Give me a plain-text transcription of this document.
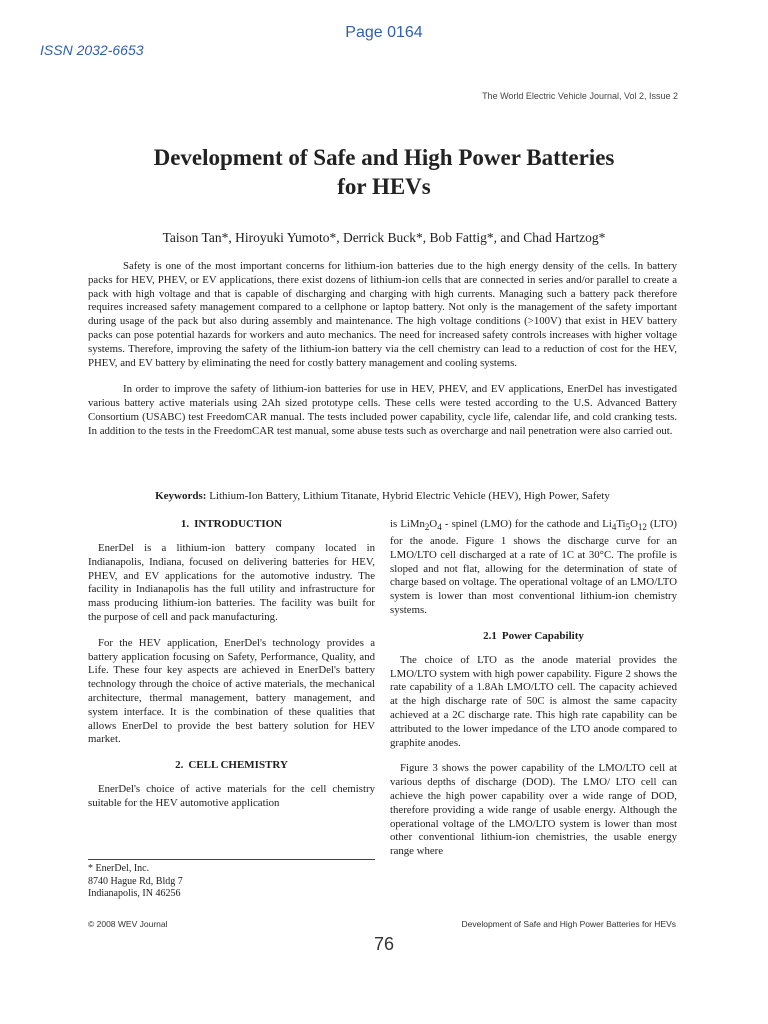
Page 0164
ISSN 2032-6653
The World Electric Vehicle Journal, Vol 2, Issue 2
Development of Safe and High Power Batteries
for HEVs
Taison Tan*, Hiroyuki Yumoto*, Derrick Buck*, Bob Fattig*, and Chad Hartzog*

Safety is one of the most important concerns for lithium-ion batteries due to the high energy density of the cells. In battery packs for HEV, PHEV, or EV applications, there exist dozens of lithium-ion cells that are connected in series and/or parallel to create a pack with high voltage and that is capable of discharging and charging with high currents. Managing such a battery pack therefore requires increased safety management compared to a cellphone or laptop battery. Not only is the management of the safety important during usage of the pack but also during assembly and maintenance. The high voltage conditions (>100V) that exist in HEV battery packs can pose potential hazards for workers and auto mechanics. The need for increased safety controls increases with higher voltage systems. Therefore, improving the safety of the lithium-ion battery via the cell chemistry can lead to a reduction of cost for the HEV, PHEV, and EV battery by eliminating the need for costly battery management and cooling systems.

In order to improve the safety of lithium-ion batteries for use in HEV, PHEV, and EV applications, EnerDel has investigated various battery active materials using 2Ah sized prototype cells. These cells were tested according to the U.S. Advanced Battery Consortium (USABC) test FreedomCAR manual. The tests included power capability, cycle life, calendar life, and cold cranking tests. In addition to the tests in the FreedomCAR test manual, some abuse tests such as overcharge and nail penetration were also carried out.

Keywords: Lithium-Ion Battery, Lithium Titanate, Hybrid Electric Vehicle (HEV), High Power, Safety
1. INTRODUCTION

EnerDel is a lithium-ion battery company located in Indianapolis, Indiana, focused on delivering batteries for HEV, PHEV, and EV applications for the automotive industry. The facility in Indianapolis has the full utility and infrastructure for mass producing lithium-ion batteries. The facility was built for the purpose of cell and pack manufacturing.

For the HEV application, EnerDel's technology provides a battery application focusing on Safety, Performance, Quality, and Life. These four key aspects are achieved in EnerDel's battery technology through the choice of active materials, the mechanical architecture, thermal management, battery management, and system interface. It is the combination of these qualities that allows EnerDel to provide the best battery solution for HEV market.

2. CELL CHEMISTRY

EnerDel's choice of active materials for the cell chemistry suitable for the HEV automotive application

is $LiMn_2O_4$ - spinel (LMO) for the cathode and $Li_4Ti_5O_{12}$ (LTO) for the anode. Figure 1 shows the discharge curve for an LMO/LTO cell discharged at a rate of 1C at 30°C. The profile is sloped and not flat, allowing for the determination of state of charge based on voltage. The operational voltage of an LMO/LTO system is lower than most conventional lithium-ion chemistry systems.

2.1 Power Capability

The choice of LTO as the anode material provides the LMO/LTO system with high power capability. Figure 2 shows the rate capability of a 1.8Ah LMO/LTO cell. The capacity achieved at the high discharge rate of 50C is almost the same capacity achieved at a 2C discharge rate. This high rate capability can be attributed to the lower impedance of the LTO anode compared to graphite anodes.

Figure 3 shows the power capability of the LMO/LTO cell at various depths of discharge (DOD). The LMO/ LTO cell can achieve the high power capability over a wide range of DOD, therefore providing a wide range of usable energy. Although the operational voltage of the LMO/LTO system is lower than most other conventional lithium-ion chemistries, the usable energy range where

* EnerDel, Inc.
8740 Hague Rd, Bldg 7
Indianapolis, IN 46256
© 2008 WEV Journal	Development of Safe and High Power Batteries for HEVs
76
